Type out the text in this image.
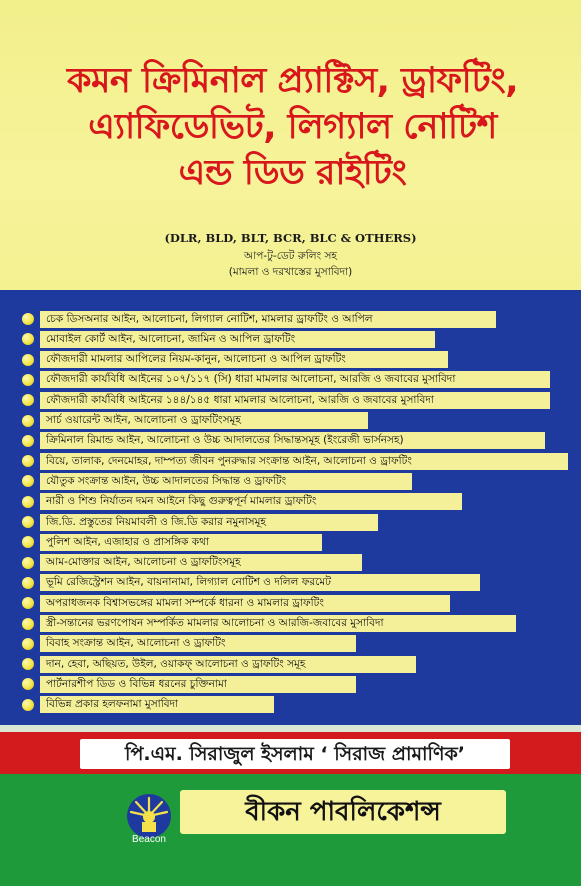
কমন ক্রিমিনাল প্র্যাক্টিস, ড্রাফটিং,
এ্যাফিডেভিট, লিগ্যাল নোটিশ
এন্ড ডিড রাইটিং
(DLR, BLD, BLT, BCR, BLC & OTHERS)
আপ-টু-ডেট রুলিং সহ
(মামলা ও দরখাস্তের মুসাবিদা)
চেক ডিসঅনার আইন, আলোচনা, লিগ্যাল নোটিশ, মামলার ড্রাফটিং ও আপিল
মোবাইল কোর্ট আইন, আলোচনা, জামিন ও আপিল ড্রাফটিং
ফৌজদারী মামলার আপিলের নিয়ম-কানুন, আলোচনা ও আপিল ড্রাফটিং
ফৌজদারী কার্যবিধি আইনের ১০৭/১১৭ (সি) ধারা মামলার আলোচনা, আরজি ও জবাবের মুসাবিদা
ফৌজদারী কার্যবিধি আইনের ১৪৪/১৪৫ ধারা মামলার আলোচনা, আরজি ও জবাবের মুসাবিদা
সার্চ ওয়ারেন্ট আইন, আলোচনা ও ড্রাফটিংসমূহ
ক্রিমিনাল রিমান্ড আইন, আলোচনা ও উচ্চ আদালতের সিদ্ধান্তসমূহ (ইংরেজী ভার্সনসহ)
বিয়ে, তালাক, দেনমোহর, দাম্পত্য জীবন পুনরুদ্ধার সংক্রান্ত আইন, আলোচনা ও ড্রাফটিং
যৌতুক সংক্রান্ত আইন, উচ্চ আদালতের সিদ্ধান্ত ও ড্রাফটিং
নারী ও শিশু নির্যাতন দমন আইনে কিছু গুরুত্বপূর্ন মামলার ড্রাফটিং
জি.ডি. প্রস্তুতের নিয়মাবলী ও জি.ডি করার নমুনাসমূহ
পুলিশ আইন, এজাহার ও প্রাসঙ্গিক কথা
আম-মোক্তার আইন, আলোচনা ও ড্রাফটিংসমূহ
ভূমি রেজিস্ট্রেশন আইন, বায়নানামা, লিগ্যাল নোটিশ ও দলিল ফরমেট
অপরাধজনক বিশ্বাসভঙ্গের মামলা সম্পর্কে ধারনা ও মামলার ড্রাফটিং
স্ত্রী-সন্তানের ভরণপোষন সম্পর্কিত মামলার আলোচনা ও আরজি-জবাবের মুসাবিদা
বিবাহ সংক্রান্ত আইন, আলোচনা ও ড্রাফটিং
দান, হেবা, অছিয়ত, উইল, ওয়াকফ্‌ আলোচনা ও ড্রাফটিং সমূহ
পার্টনারশীপ ডিড ও বিভিন্ন ধরনের চুক্তিনামা
বিভিন্ন প্রকার হলফনামা মুসাবিদা
পি.এম. সিরাজুল ইসলাম ‘ সিরাজ প্রামাণিক’
Beacon
বীকন পাবলিকেশন্স
